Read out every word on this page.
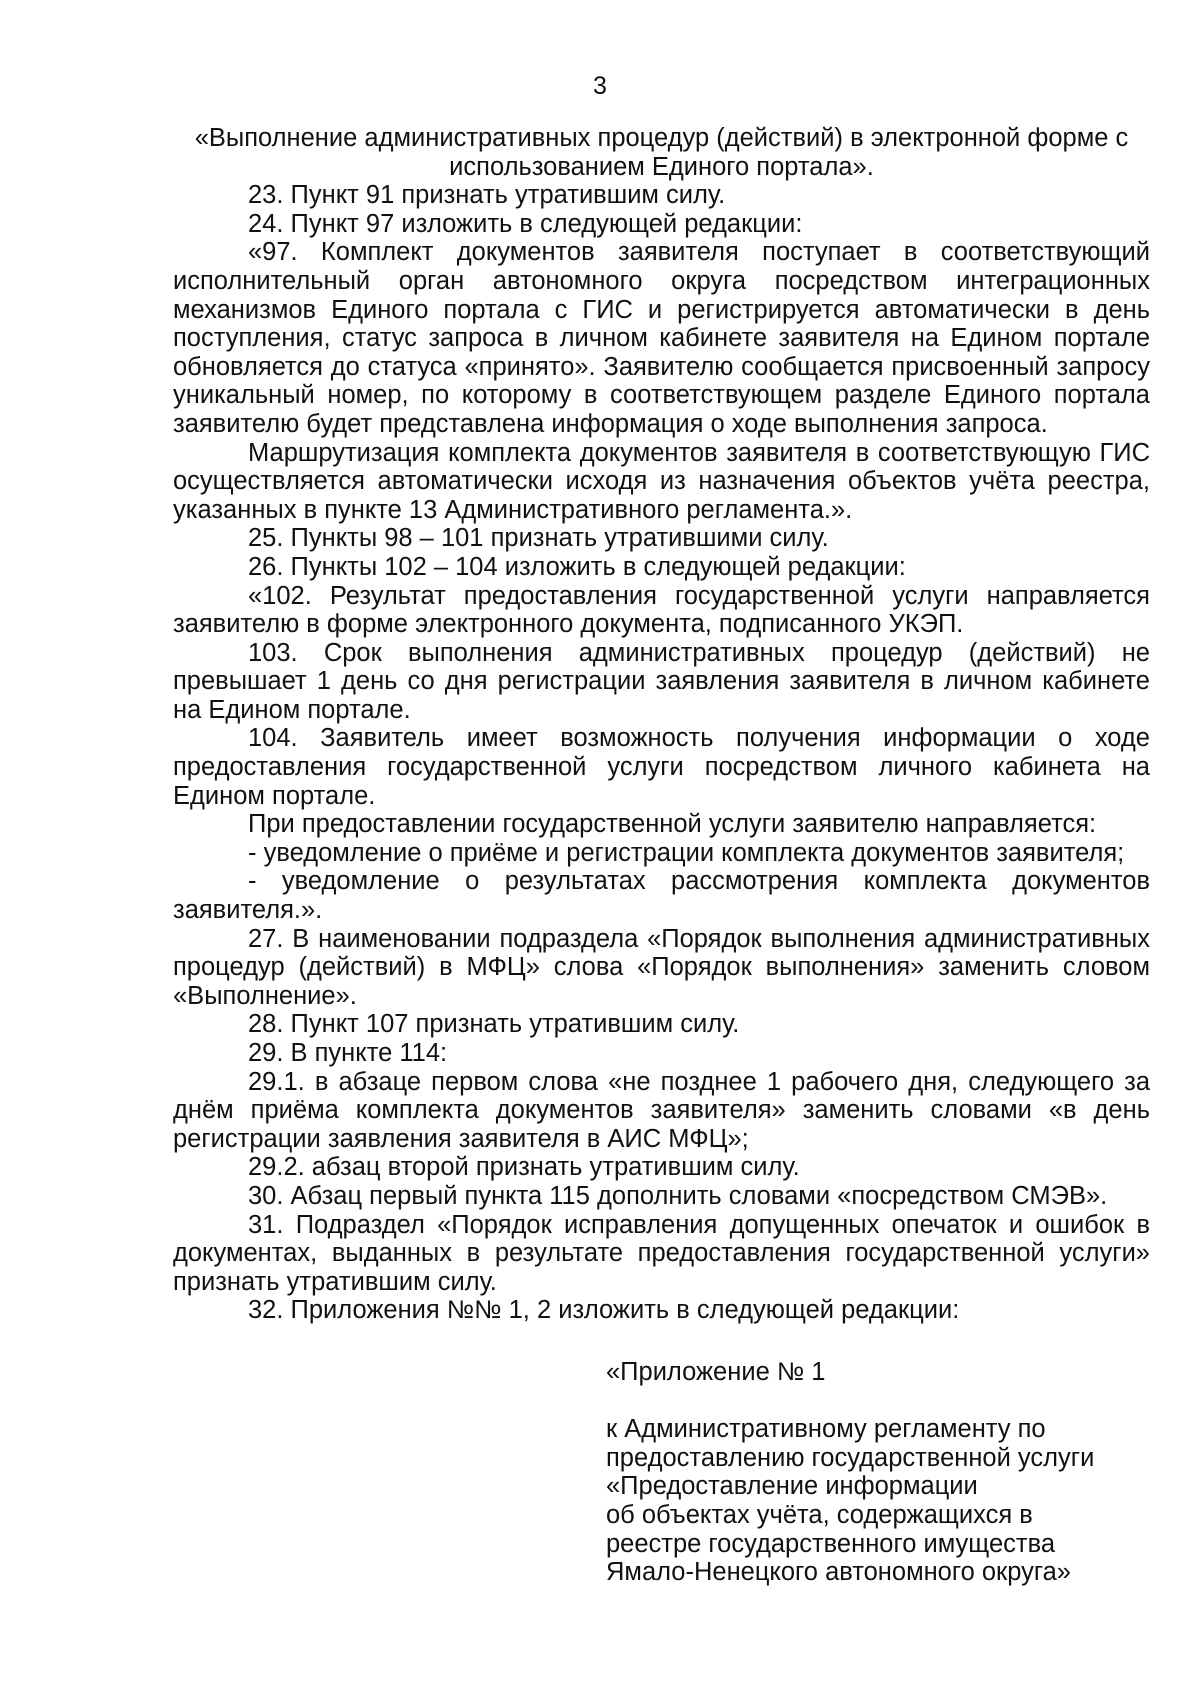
3

«Выполнение административных процедур (действий) в электронной форме с использованием Единого портала».

23. Пункт 91 признать утратившим силу.

24. Пункт 97 изложить в следующей редакции:

«97. Комплект документов заявителя поступает в соответствующий исполнительный орган автономного округа посредством интеграционных механизмов Единого портала с ГИС и регистрируется автоматически в день поступления, статус запроса в личном кабинете заявителя на Едином портале обновляется до статуса «принято». Заявителю сообщается присвоенный запросу уникальный номер, по которому в соответствующем разделе Единого портала заявителю будет представлена информация о ходе выполнения запроса.

Маршрутизация комплекта документов заявителя в соответствующую ГИС осуществляется автоматически исходя из назначения объектов учёта реестра, указанных в пункте 13 Административного регламента.».

25. Пункты 98 – 101 признать утратившими силу.

26. Пункты 102 – 104 изложить в следующей редакции:

«102. Результат предоставления государственной услуги направляется заявителю в форме электронного документа, подписанного УКЭП.

103. Срок выполнения административных процедур (действий) не превышает 1 день со дня регистрации заявления заявителя в личном кабинете на Едином портале.

104. Заявитель имеет возможность получения информации о ходе предоставления государственной услуги посредством личного кабинета на Едином портале.

При предоставлении государственной услуги заявителю направляется:

- уведомление о приёме и регистрации комплекта документов заявителя;

- уведомление о результатах рассмотрения комплекта документов заявителя.».

27. В наименовании подраздела «Порядок выполнения административных процедур (действий) в МФЦ» слова «Порядок выполнения» заменить словом «Выполнение».

28. Пункт 107 признать утратившим силу.

29. В пункте 114:

29.1. в абзаце первом слова «не позднее 1 рабочего дня, следующего за днём приёма комплекта документов заявителя» заменить словами «в день регистрации заявления заявителя в АИС МФЦ»;

29.2. абзац второй признать утратившим силу.

30. Абзац первый пункта 115 дополнить словами «посредством СМЭВ».

31. Подраздел «Порядок исправления допущенных опечаток и ошибок в документах, выданных в результате предоставления государственной услуги» признать утратившим силу.

32. Приложения №№ 1, 2 изложить в следующей редакции:

«Приложение № 1

к Административному регламенту по

предоставлению государственной услуги

«Предоставление информации

об объектах учёта, содержащихся в

реестре государственного имущества

Ямало-Ненецкого автономного округа»
